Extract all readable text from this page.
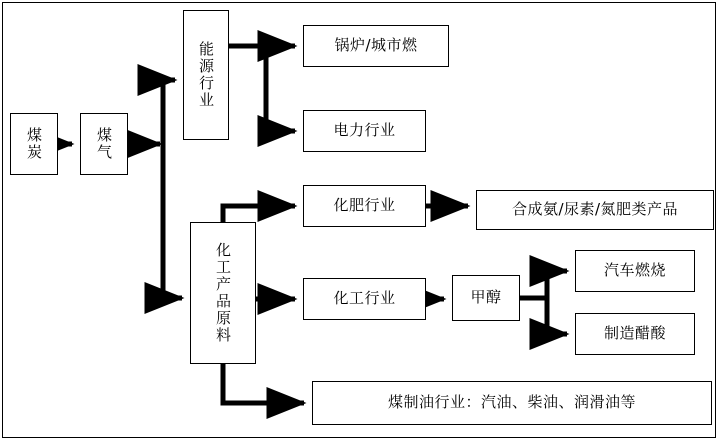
煤炭	煤气
能源行业	锅炉/城市燃
电力行业
化工产品原料
化肥行业	合成氨/尿素/氮肥类产品
化工行业	甲醇
汽车燃烧
制造醋酸
煤制油行业：汽油、柴油、润滑油等
